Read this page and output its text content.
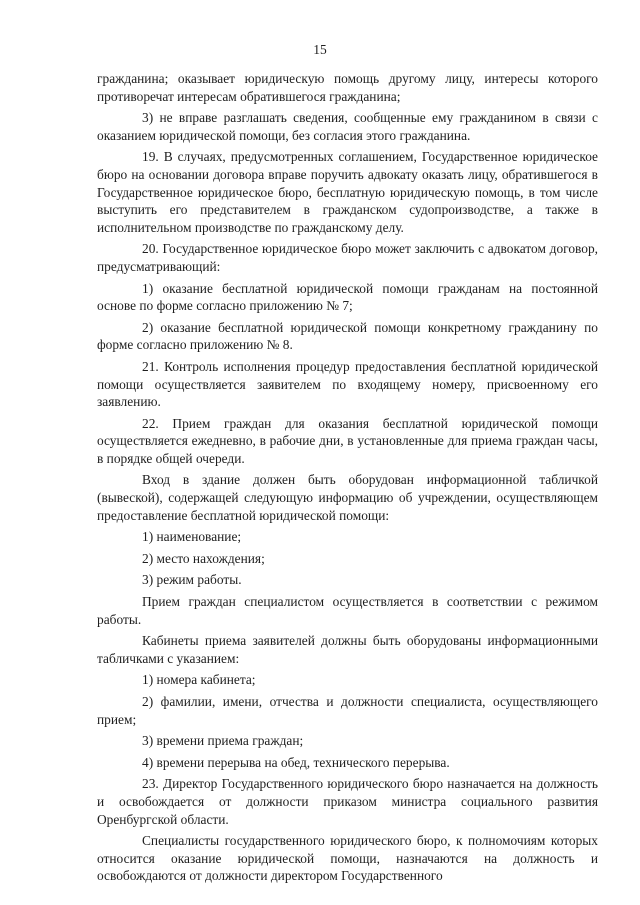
15

гражданина; оказывает юридическую помощь другому лицу, интересы которого противоречат интересам обратившегося гражданина;

3) не вправе разглашать сведения, сообщенные ему гражданином в связи с оказанием юридической помощи, без согласия этого гражданина.

19. В случаях, предусмотренных соглашением, Государственное юридическое бюро на основании договора вправе поручить адвокату оказать лицу, обратившегося в Государственное юридическое бюро, бесплатную юридическую помощь, в том числе выступить его представителем в гражданском судопроизводстве, а также в исполнительном производстве по гражданскому делу.

20. Государственное юридическое бюро может заключить с адвокатом договор, предусматривающий:

1) оказание бесплатной юридической помощи гражданам на постоянной основе по форме согласно приложению № 7;

2) оказание бесплатной юридической помощи конкретному гражданину по форме согласно приложению № 8.

21. Контроль исполнения процедур предоставления бесплатной юридической помощи осуществляется заявителем по входящему номеру, присвоенному его заявлению.

22. Прием граждан для оказания бесплатной юридической помощи осуществляется ежедневно, в рабочие дни, в установленные для приема граждан часы, в порядке общей очереди.

Вход в здание должен быть оборудован информационной табличкой (вывеской), содержащей следующую информацию об учреждении, осуществляющем предоставление бесплатной юридической помощи:

1) наименование;

2) место нахождения;

3) режим работы.

Прием граждан специалистом осуществляется в соответствии с режимом работы.

Кабинеты приема заявителей должны быть оборудованы информационными табличками с указанием:

1) номера кабинета;

2) фамилии, имени, отчества и должности специалиста, осуществляющего прием;

3) времени приема граждан;

4) времени перерыва на обед, технического перерыва.

23. Директор Государственного юридического бюро назначается на должность и освобождается от должности приказом министра социального развития Оренбургской области.

Специалисты государственного юридического бюро, к полномочиям которых относится оказание юридической помощи, назначаются на должность и освобождаются от должности директором Государственного
